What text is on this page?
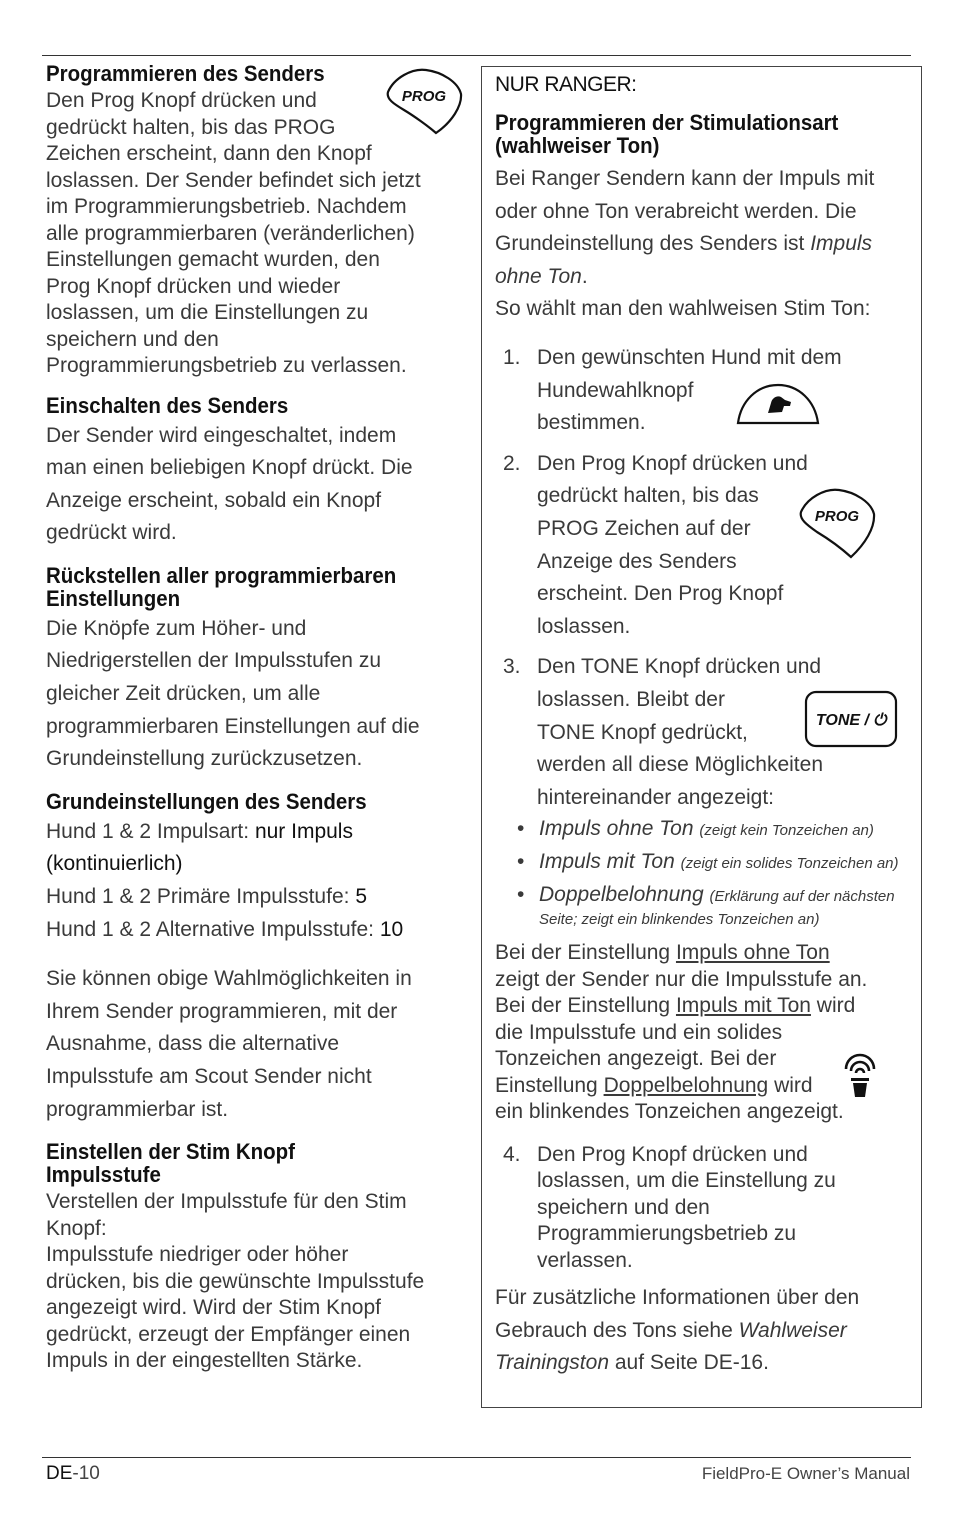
Programmieren des Senders

Den Prog Knopf drücken und
gedrückt halten, bis das PROG
Zeichen erscheint, dann den Knopf
loslassen. Der Sender befindet sich jetzt
im Programmierungsbetrieb. Nachdem
alle programmierbaren (veränderlichen)
Einstellungen gemacht wurden, den
Prog Knopf drücken und wieder
loslassen, um die Einstellungen zu
speichern und den
Programmierungsbetrieb zu verlassen.

Einschalten des Senders

Der Sender wird eingeschaltet, indem
man einen beliebigen Knopf drückt. Die
Anzeige erscheint, sobald ein Knopf
gedrückt wird.

Rückstellen aller programmierbaren
Einstellungen

Die Knöpfe zum Höher- und
Niedrigerstellen der Impulsstufen zu
gleicher Zeit drücken, um alle
programmierbaren Einstellungen auf die
Grundeinstellung zurückzusetzen.

Grundeinstellungen des Senders

Hund 1 & 2 Impulsart: nur Impuls
(kontinuierlich)
Hund 1 & 2 Primäre Impulsstufe: 5
Hund 1 & 2 Alternative Impulsstufe: 10

Sie können obige Wahlmöglichkeiten in
Ihrem Sender programmieren, mit der
Ausnahme, dass die alternative
Impulsstufe am Scout Sender nicht
programmierbar ist.

Einstellen der Stim Knopf
Impulsstufe

Verstellen der Impulsstufe für den Stim
Knopf:
Impulsstufe niedriger oder höher
drücken, bis die gewünschte Impulsstufe
angezeigt wird. Wird der Stim Knopf
gedrückt, erzeugt der Empfänger einen
Impuls in der eingestellten Stärke.

PROG
NUR RANGER:
Programmieren der Stimulationsart
(wahlweiser Ton)

Bei Ranger Sendern kann der Impuls mit
oder ohne Ton verabreicht werden. Die
Grundeinstellung des Senders ist Impuls
ohne Ton.
So wählt man den wahlweisen Stim Ton:

1. Den gewünschten Hund mit dem
Hundewahlknopf
bestimmen.
2. Den Prog Knopf drücken und
gedrückt halten, bis das
PROG Zeichen auf der
Anzeige des Senders
erscheint. Den Prog Knopf
loslassen.
3. Den TONE Knopf drücken und
loslassen. Bleibt der
TONE Knopf gedrückt,
werden all diese Möglichkeiten
hintereinander angezeigt:
• Impuls ohne Ton (zeigt kein Tonzeichen an)
• Impuls mit Ton (zeigt ein solides Tonzeichen an)
• Doppelbelohnung (Erklärung auf der nächsten Seite; zeigt ein blinkendes Tonzeichen an)

Bei der Einstellung Impuls ohne Ton
zeigt der Sender nur die Impulsstufe an.
Bei der Einstellung Impuls mit Ton wird
die Impulsstufe und ein solides
Tonzeichen angezeigt. Bei der
Einstellung Doppelbelohnung wird
ein blinkendes Tonzeichen angezeigt.

4. Den Prog Knopf drücken und
loslassen, um die Einstellung zu
speichern und den
Programmierungsbetrieb zu
verlassen.

Für zusätzliche Informationen über den
Gebrauch des Tons siehe Wahlweiser
Trainingston auf Seite DE-16.

PROG
TONE / ⏻
DE-10	FieldPro-E Owner’s Manual
